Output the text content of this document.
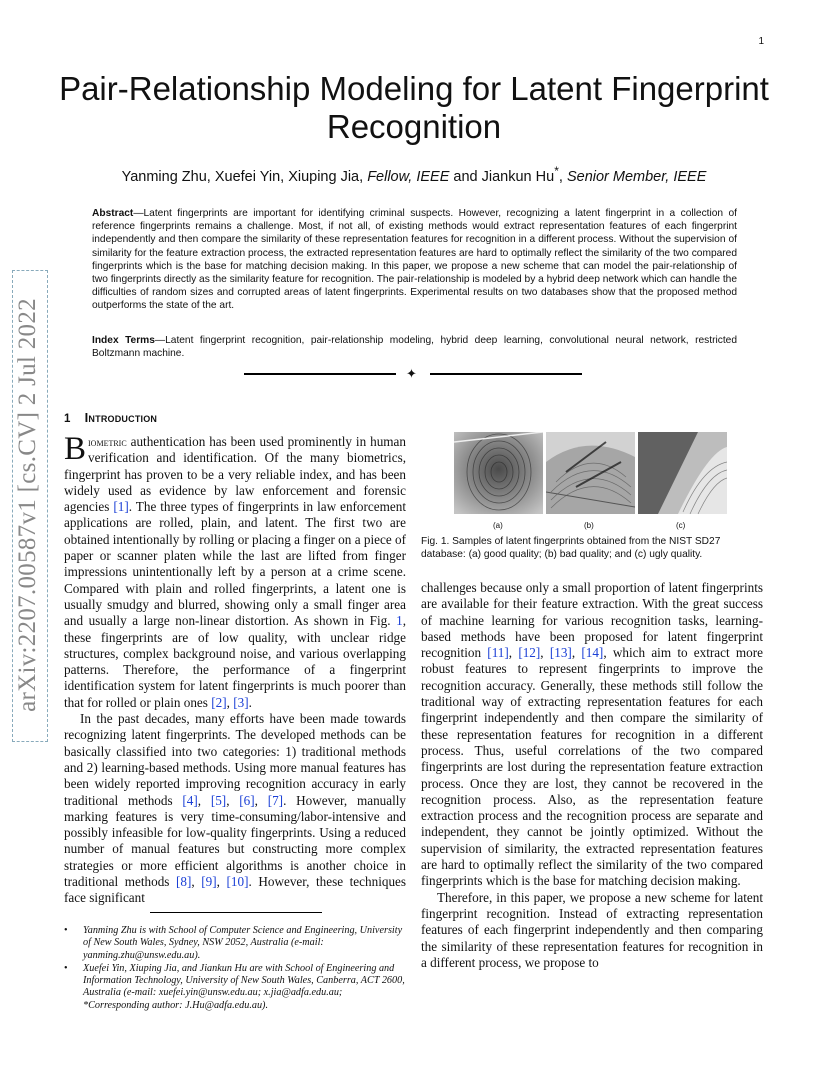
arXiv:2207.00587v1 [cs.CV] 2 Jul 2022
1
Pair-Relationship Modeling for Latent Fingerprint Recognition
Yanming Zhu, Xuefei Yin, Xiuping Jia, Fellow, IEEE and Jiankun Hu*, Senior Member, IEEE

Abstract—Latent fingerprints are important for identifying criminal suspects. However, recognizing a latent fingerprint in a collection of reference fingerprints remains a challenge. Most, if not all, of existing methods would extract representation features of each fingerprint independently and then compare the similarity of these representation features for recognition in a different process. Without the supervision of similarity for the feature extraction process, the extracted representation features are hard to optimally reflect the similarity of the two compared fingerprints which is the base for matching decision making. In this paper, we propose a new scheme that can model the pair-relationship of two fingerprints directly as the similarity feature for recognition. The pair-relationship is modeled by a hybrid deep network which can handle the difficulties of random sizes and corrupted areas of latent fingerprints. Experimental results on two databases show that the proposed method outperforms the state of the art.

Index Terms—Latent fingerprint recognition, pair-relationship modeling, hybrid deep learning, convolutional neural network, restricted Boltzmann machine.

✦
1 Introduction

Biometric authentication has been used prominently in human verification and identification. Of the many biometrics, fingerprint has proven to be a very reliable index, and has been widely used as evidence by law enforcement and forensic agencies [1]. The three types of fingerprints in law enforcement applications are rolled, plain, and latent. The first two are obtained intentionally by rolling or placing a finger on a piece of paper or scanner platen while the last are lifted from finger impressions unintentionally left by a person at a crime scene. Compared with plain and rolled fingerprints, a latent one is usually smudgy and blurred, showing only a small finger area and usually a large non-linear distortion. As shown in Fig. 1, these fingerprints are of low quality, with unclear ridge structures, complex background noise, and various overlapping patterns. Therefore, the performance of a fingerprint identification system for latent fingerprints is much poorer than that for rolled or plain ones [2], [3].

In the past decades, many efforts have been made towards recognizing latent fingerprints. The developed methods can be basically classified into two categories: 1) traditional methods and 2) learning-based methods. Using more manual features has been widely reported improving recognition accuracy in early traditional methods [4], [5], [6], [7]. However, manually marking features is very time-consuming/labor-intensive and possibly infeasible for low-quality fingerprints. Using a reduced number of manual features but constructing more complex strategies or more efficient algorithms is another choice in traditional methods [8], [9], [10]. However, these techniques face significant

• Yanming Zhu is with School of Computer Science and Engineering, University of New South Wales, Sydney, NSW 2052, Australia (e-mail: yanming.zhu@unsw.edu.au).
• Xuefei Yin, Xiuping Jia, and Jiankun Hu are with School of Engineering and Information Technology, University of New South Wales, Canberra, ACT 2600, Australia (e-mail: xuefei.yin@unsw.edu.au; x.jia@adfa.edu.au; *Corresponding author: J.Hu@adfa.edu.au).
(a)	(b)	(c)
Fig. 1. Samples of latent fingerprints obtained from the NIST SD27 database: (a) good quality; (b) bad quality; and (c) ugly quality.

challenges because only a small proportion of latent fingerprints are available for their feature extraction. With the great success of machine learning for various recognition tasks, learning-based methods have been proposed for latent fingerprint recognition [11], [12], [13], [14], which aim to extract more robust features to represent fingerprints to improve the recognition accuracy. Generally, these methods still follow the traditional way of extracting representation features for each fingerprint independently and then compare the similarity of these representation features for recognition in a different process. Thus, useful correlations of the two compared fingerprints are lost during the representation feature extraction process. Once they are lost, they cannot be recovered in the recognition process. Also, as the representation feature extraction process and the recognition process are separate and independent, they cannot be jointly optimized. Without the supervision of similarity, the extracted representation features are hard to optimally reflect the similarity of the two compared fingerprints which is the base for matching decision making.

Therefore, in this paper, we propose a new scheme for latent fingerprint recognition. Instead of extracting representation features of each fingerprint independently and then comparing the similarity of these representation features for recognition in a different process, we propose to
